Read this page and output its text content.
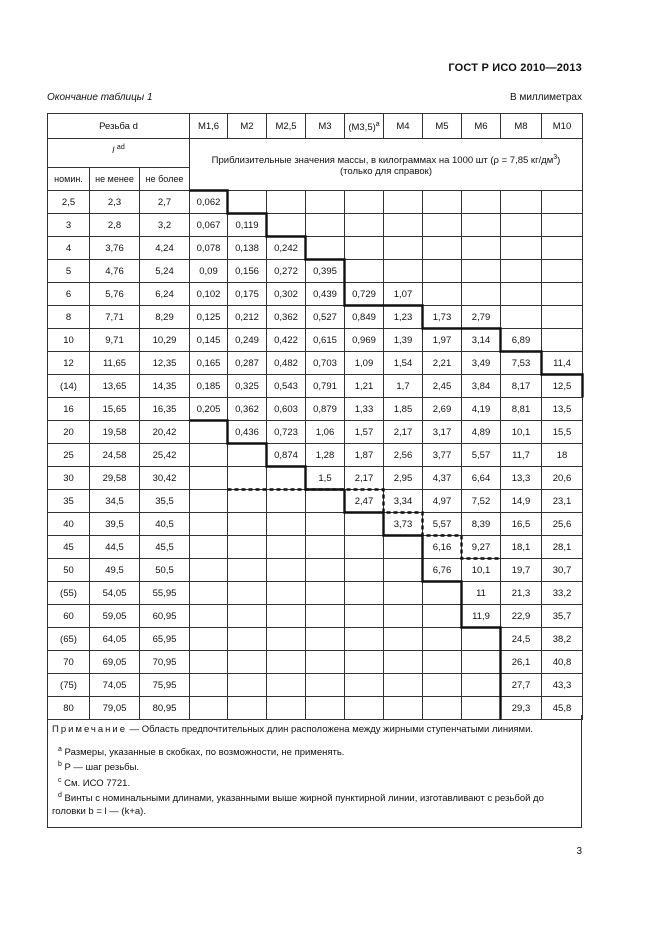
ГОСТ Р ИСО 2010—2013
Окончание таблицы 1	В миллиметрах
Резьба d			M1,6	M2	M2,5	M3	$(M3,5)^a$	M4	M5	M6	M8	M10
l $^{ad}$			Приблизительные значения массы, в килограммах на 1000 шт (ρ = 7,85 $кг/дм^3$)
(только для справок)									
номин.	не менее	не более										
2,5	2,3	2,7	0,062									
3	2,8	3,2	0,067	0,119								
4	3,76	4,24	0,078	0,138	0,242							
5	4,76	5,24	0,09	0,156	0,272	0,395						
6	5,76	6,24	0,102	0,175	0,302	0,439	0,729	1,07				
8	7,71	8,29	0,125	0,212	0,362	0,527	0,849	1,23	1,73	2,79		
10	9,71	10,29	0,145	0,249	0,422	0,615	0,969	1,39	1,97	3,14	6,89	
12	11,65	12,35	0,165	0,287	0,482	0,703	1,09	1,54	2,21	3,49	7,53	11,4
(14)	13,65	14,35	0,185	0,325	0,543	0,791	1,21	1,7	2,45	3,84	8,17	12,5
16	15,65	16,35	0,205	0,362	0,603	0,879	1,33	1,85	2,69	4,19	8,81	13,5
20	19,58	20,42		0,436	0,723	1,06	1,57	2,17	3,17	4,89	10,1	15,5
25	24,58	25,42			0,874	1,28	1,87	2,56	3,77	5,57	11,7	18
30	29,58	30,42				1,5	2,17	2,95	4,37	6,64	13,3	20,6
35	34,5	35,5					2,47	3,34	4,97	7,52	14,9	23,1
40	39,5	40,5						3,73	5,57	8,39	16,5	25,6
45	44,5	45,5							6,16	9,27	18,1	28,1
50	49,5	50,5							6,76	10,1	19,7	30,7
(55)	54,05	55,95								11	21,3	33,2
60	59,05	60,95								11,9	22,9	35,7
(65)	64,05	65,95									24,5	38,2
70	69,05	70,95									26,1	40,8
(75)	74,05	75,95									27,7	43,3
80	79,05	80,95									29,3	45,8

Примечание — Область предпочтительных длин расположена между жирными ступенчатыми линиями.

$^a$ Размеры, указанные в скобках, по возможности, не применять.

$^b$ P — шаг резьбы.

$^c$ См. ИСО 7721.

$^d$ Винты с номинальными длинами, указанными выше жирной пунктирной линии, изготавливают с резьбой до головки b = l — (k+a).

3
